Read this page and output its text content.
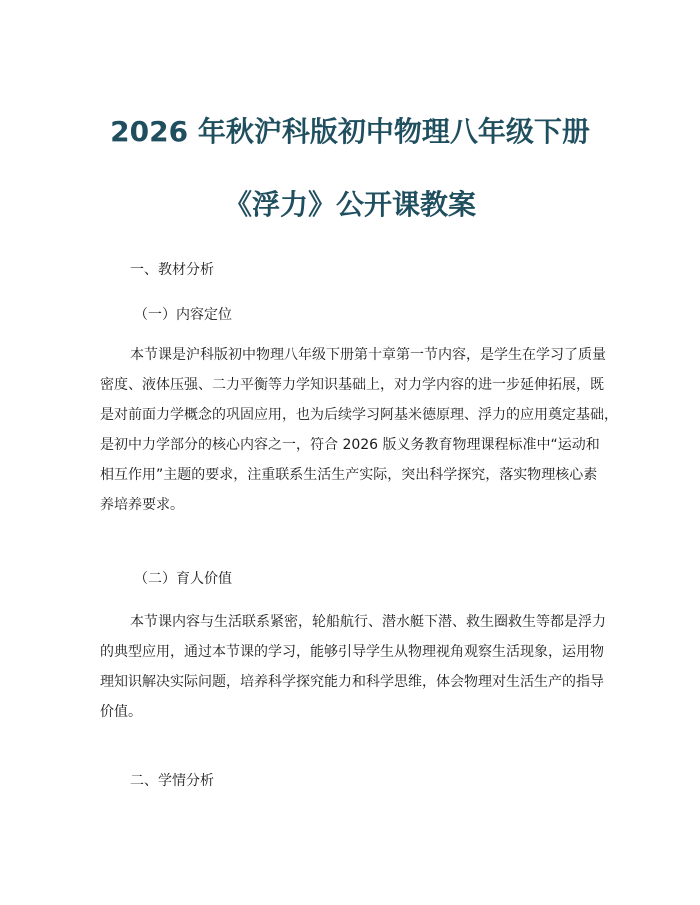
2026 年秋沪科版初中物理八年级下册
《浮力》公开课教案
一、教材分析
（一）内容定位
本节课是沪科版初中物理八年级下册第十章第一节内容，是学生在学习了质量
密度、液体压强、二力平衡等力学知识基础上，对力学内容的进一步延伸拓展，既
是对前面力学概念的巩固应用，也为后续学习阿基米德原理、浮力的应用奠定基础，
是初中力学部分的核心内容之一，符合 2026 版义务教育物理课程标准中“运动和
相互作用”主题的要求，注重联系生活生产实际，突出科学探究，落实物理核心素
养培养要求。
（二）育人价值
本节课内容与生活联系紧密，轮船航行、潜水艇下潜、救生圈救生等都是浮力
的典型应用，通过本节课的学习，能够引导学生从物理视角观察生活现象，运用物
理知识解决实际问题，培养科学探究能力和科学思维，体会物理对生活生产的指导
价值。
二、学情分析
